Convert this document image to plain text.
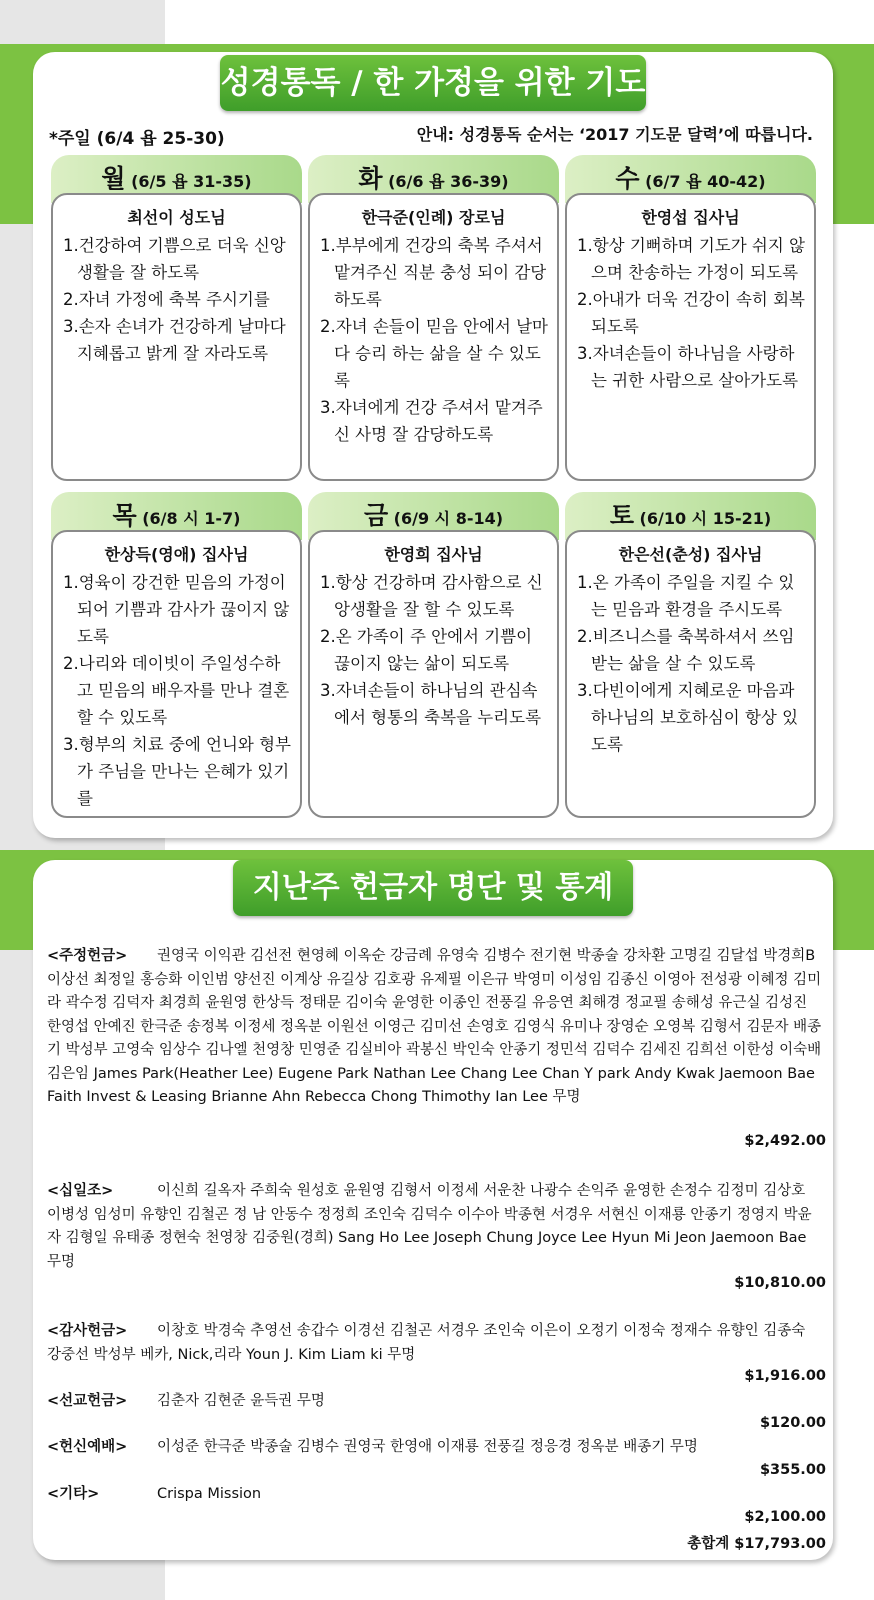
성경통독 / 한 가정을 위한 기도
*주일 (6/4 욥 25-30)	안내: 성경통독 순서는 ‘2017 기도문 달력’에 따릅니다.
월 (6/5 욥 31-35)
최선이 성도님
1.건강하여 기쁨으로 더욱 신앙생활을 잘 하도록
2.자녀 가정에 축복 주시기를
3.손자 손녀가 건강하게 날마다 지혜롭고 밝게 잘 자라도록
화 (6/6 욥 36-39)
한극준(인례) 장로님
1.부부에게 건강의 축복 주셔서 맡겨주신 직분 충성 되이 감당하도록
2.자녀 손들이 믿음 안에서 날마다 승리 하는 삶을 살 수 있도록
3.자녀에게 건강 주셔서 맡겨주신 사명 잘 감당하도록
수 (6/7 욥 40-42)
한영섭 집사님
1.항상 기뻐하며 기도가 쉬지 않으며 찬송하는 가정이 되도록
2.아내가 더욱 건강이 속히 회복되도록
3.자녀손들이 하나님을 사랑하는 귀한 사람으로 살아가도록
목 (6/8 시 1-7)
한상득(영애) 집사님
1.영육이 강건한 믿음의 가정이 되어 기쁨과 감사가 끊이지 않도록
2.나리와 데이빗이 주일성수하고 믿음의 배우자를 만나 결혼할 수 있도록
3.형부의 치료 중에 언니와 형부가 주님을 만나는 은혜가 있기를
금 (6/9 시 8-14)
한영희 집사님
1.항상 건강하며 감사함으로 신앙생활을 잘 할 수 있도록
2.온 가족이 주 안에서 기쁨이 끊이지 않는 삶이 되도록
3.자녀손들이 하나님의 관심속에서 형통의 축복을 누리도록
토 (6/10 시 15-21)
한은선(춘성) 집사님
1.온 가족이 주일을 지킬 수 있는 믿음과 환경을 주시도록
2.비즈니스를 축복하셔서 쓰임 받는 삶을 살 수 있도록
3.다빈이에게 지혜로운 마음과 하나님의 보호하심이 항상 있도록
지난주 헌금자 명단 및 통계
<주정헌금> 권영국 이익관 김선전 현영혜 이옥순 강금례 유영숙 김병수 전기현 박종술 강차환 고명길 김달섭 박경희B 이상선 최정일 홍승화 이인범 양선진 이계상 유길상 김호광 유제필 이은규 박영미 이성임 김종신 이영아 전성광 이혜정 김미라 곽수정 김덕자 최경희 윤원영 한상득 정태문 김이숙 윤영한 이종인 전풍길 유응연 최해경 정교필 송해성 유근실 김성진 한영섭 안예진 한극준 송정복 이정세 정옥분 이원선 이영근 김미선 손영호 김영식 유미나 장영순 오영복 김형서 김문자 배종기 박성부 고영숙 임상수 김나엘 천영창 민영준 김실비아 곽봉신 박인숙 안종기 정민석 김덕수 김세진 김희선 이한성 이숙배 김은임 James Park(Heather Lee) Eugene Park Nathan Lee Chang Lee Chan Y park Andy Kwak Jaemoon Bae Faith Invest & Leasing Brianne Ahn Rebecca Chong Thimothy Ian Lee 무명
$2,492.00
<십일조>	이신희 길옥자 주희숙 원성호 윤원영 김형서 이정세 서운찬 나광수 손익주 윤영한 손정수 김정미 김상호 이병성 임성미 유향인 김철곤 정 남 안동수 정정희 조인숙 김덕수 이수아 박종현 서경우 서현신 이재룡 안종기 정영지 박윤자 김형일 유태종 정현숙 천영창 김중원(경희) Sang Ho Lee Joseph Chung Joyce Lee Hyun Mi Jeon Jaemoon Bae 무명
$10,810.00
<감사헌금> 이창호 박경숙 추영선 송갑수 이경선 김철곤 서경우 조인숙 이은이 오정기 이정숙 정재수 유향인 김종숙 강중선 박성부 베카, Nick,리라 Youn J. Kim Liam ki 무명
$1,916.00
<선교헌금> 김춘자 김현준 윤득권 무명
$120.00
<헌신예배> 이성준 한극준 박종술 김병수 권영국 한영애 이재룡 전풍길 정응경 정옥분 배종기 무명
$355.00
<기타>	Crispa Mission
$2,100.00
총합계 $17,793.00
